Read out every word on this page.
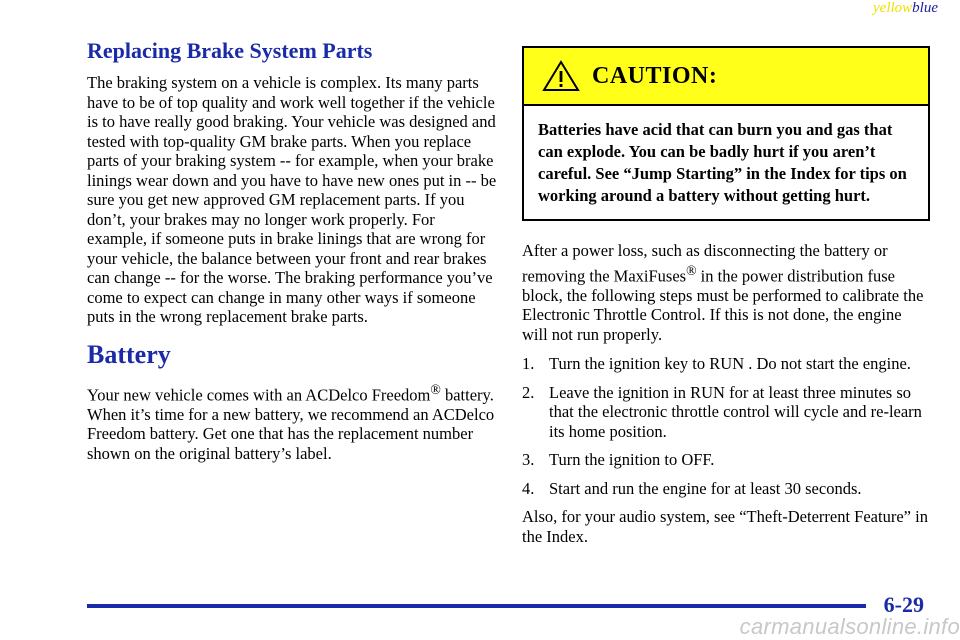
yellowblue
Replacing Brake System Parts

The braking system on a vehicle is complex. Its many parts have to be of top quality and work well together if the vehicle is to have really good braking. Your vehicle was designed and tested with top‑quality GM brake parts. When you replace parts of your braking system -- for example, when your brake linings wear down and you have to have new ones put in -- be sure you get new approved GM replacement parts. If you don’t, your brakes may no longer work properly. For example, if someone puts in brake linings that are wrong for your vehicle, the balance between your front and rear brakes can change -- for the worse. The braking performance you’ve come to expect can change in many other ways if someone puts in the wrong replacement brake parts.

Battery

Your new vehicle comes with an ACDelco Freedom® battery. When it’s time for a new battery, we recommend an ACDelco Freedom battery. Get one that has the replacement number shown on the original battery’s label.

CAUTION:
Batteries have acid that can burn you and gas that can explode. You can be badly hurt if you aren’t careful. See “Jump Starting” in the Index for tips on working around a battery without getting hurt.

After a power loss, such as disconnecting the battery or removing the MaxiFuses® in the power distribution fuse block, the following steps must be performed to calibrate the Electronic Throttle Control. If this is not done, the engine will not run properly.

1. Turn the ignition key to RUN . Do not start the engine.
2. Leave the ignition in RUN for at least three minutes so that the electronic throttle control will cycle and re‑learn its home position.
3. Turn the ignition to OFF.
4. Start and run the engine for at least 30 seconds.

Also, for your audio system, see “Theft‑Deterrent Feature” in the Index.

6-29
carmanualsonline.info
